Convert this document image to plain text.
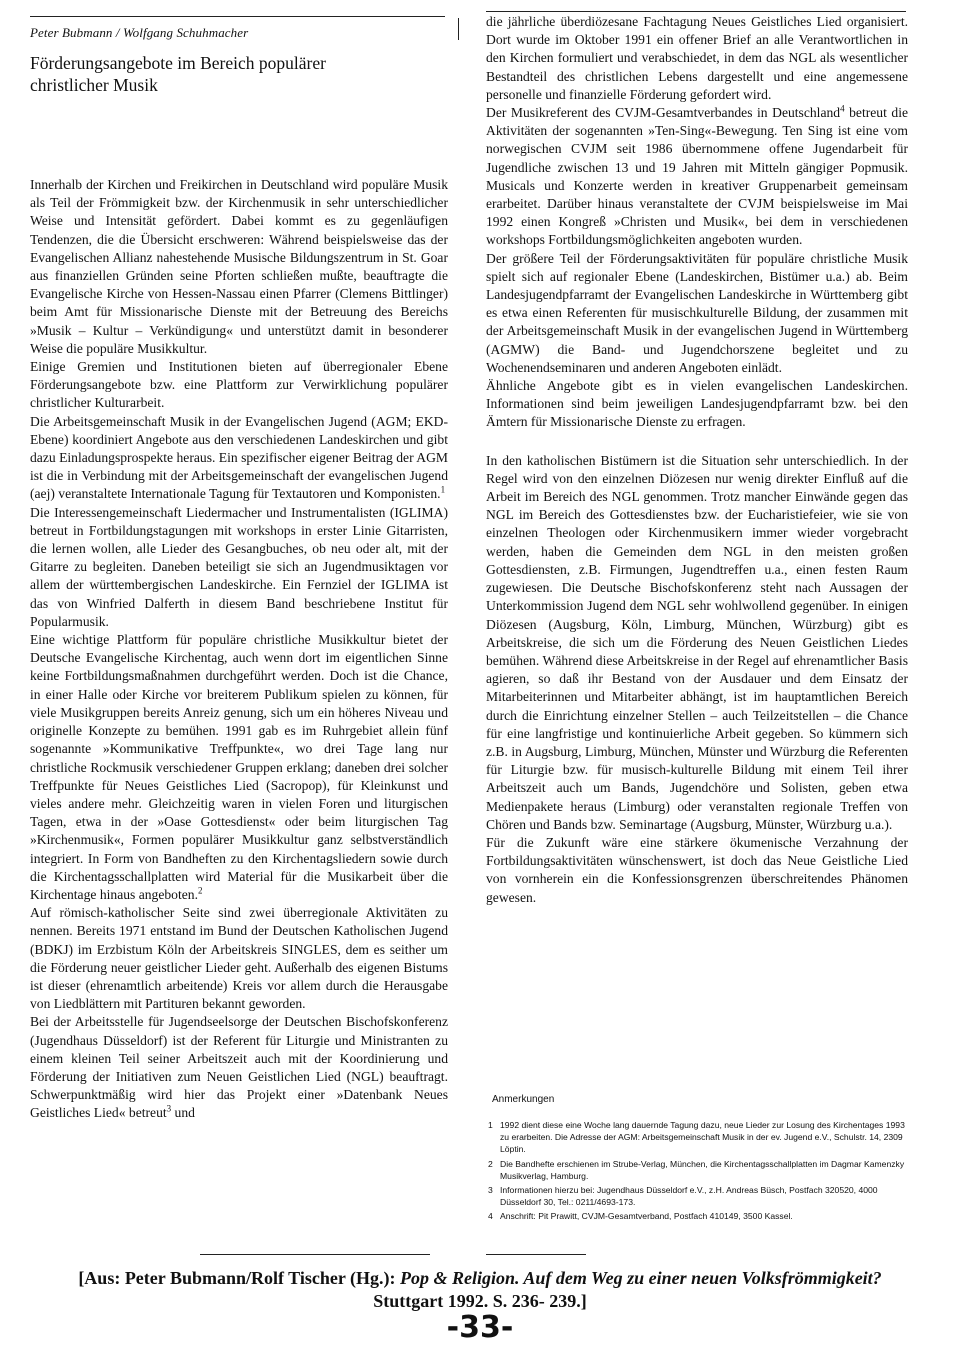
Peter Bubmann / Wolfgang Schuhmacher
Förderungsangebote im Bereich populärer
christlicher Musik

Innerhalb der Kirchen und Freikirchen in Deutschland wird populäre Musik als Teil der Frömmigkeit bzw. der Kirchenmusik in sehr unterschiedlicher Weise und Intensität gefördert. Dabei kommt es zu gegenläufigen Tendenzen, die die Übersicht erschweren: Während beispielsweise das der Evangelischen Allianz nahestehende Musische Bildungszentrum in St. Goar aus finanziellen Gründen seine Pforten schließen mußte, beauftragte die Evangelische Kirche von Hessen-Nassau einen Pfarrer (Clemens Bittlinger) beim Amt für Missionarische Dienste mit der Betreuung des Bereichs »Musik – Kultur – Verkündigung« und unterstützt damit in besonderer Weise die populäre Musikkultur.

Einige Gremien und Institutionen bieten auf überregionaler Ebene Förderungsangebote bzw. eine Plattform zur Verwirklichung populärer christlicher Kulturarbeit.

Die Arbeitsgemeinschaft Musik in der Evangelischen Jugend (AGM; EKD-Ebene) koordiniert Angebote aus den verschiedenen Landeskirchen und gibt dazu Einladungsprospekte heraus. Ein spezifischer eigener Beitrag der AGM ist die in Verbindung mit der Arbeitsgemeinschaft der evangelischen Jugend (aej) veranstaltete Internationale Tagung für Textautoren und Komponisten.$^1$

Die Interessengemeinschaft Liedermacher und Instrumentalisten (IGLIMA) betreut in Fortbildungstagungen mit workshops in erster Linie Gitarristen, die lernen wollen, alle Lieder des Gesangbuches, ob neu oder alt, mit der Gitarre zu begleiten. Daneben beteiligt sie sich an Jugendmusiktagen vor allem der württembergischen Landeskirche. Ein Fernziel der IGLIMA ist das von Winfried Dalferth in diesem Band beschriebene Institut für Popularmusik.

Eine wichtige Plattform für populäre christliche Musikkultur bietet der Deutsche Evangelische Kirchentag, auch wenn dort im eigentlichen Sinne keine Fortbildungsmaßnahmen durchgeführt werden. Doch ist die Chance, in einer Halle oder Kirche vor breiterem Publikum spielen zu können, für viele Musikgruppen bereits Anreiz genung, sich um ein höheres Niveau und originelle Konzepte zu bemühen. 1991 gab es im Ruhrgebiet allein fünf sogenannte »Kommunikative Treffpunkte«, wo drei Tage lang nur christliche Rockmusik verschiedener Gruppen erklang; daneben drei solcher Treffpunkte für Neues Geistliches Lied (Sacropop), für Kleinkunst und vieles andere mehr. Gleichzeitig waren in vielen Foren und liturgischen Tagen, etwa in der »Oase Gottesdienst« oder beim liturgischen Tag »Kirchenmusik«, Formen populärer Musikkultur ganz selbstverständlich integriert. In Form von Bandheften zu den Kirchentagsliedern sowie durch die Kirchentagsschallplatten wird Material für die Musikarbeit über die Kirchentage hinaus angeboten.$^2$

Auf römisch-katholischer Seite sind zwei überregionale Aktivitäten zu nennen. Bereits 1971 entstand im Bund der Deutschen Katholischen Jugend (BDKJ) im Erzbistum Köln der Arbeitskreis SINGLES, dem es seither um die Förderung neuer geistlicher Lieder geht. Außerhalb des eigenen Bistums ist dieser (ehrenamtlich arbeitende) Kreis vor allem durch die Herausgabe von Liedblättern mit Partituren bekannt geworden.

Bei der Arbeitsstelle für Jugendseelsorge der Deutschen Bischofskonferenz (Jugendhaus Düsseldorf) ist der Referent für Liturgie und Ministranten zu einem kleinen Teil seiner Arbeitszeit auch mit der Koordinierung und Förderung der Initiativen zum Neuen Geistlichen Lied (NGL) beauftragt. Schwerpunktmäßig wird hier das Projekt einer »Datenbank Neues Geistliches Lied« betreut$^3$ und

die jährliche überdiözesane Fachtagung Neues Geistliches Lied organisiert. Dort wurde im Oktober 1991 ein offener Brief an alle Verantwortlichen in den Kirchen formuliert und verabschiedet, in dem das NGL als wesentlicher Bestandteil des christlichen Lebens dargestellt und eine angemessene personelle und finanzielle Förderung gefordert wird.

Der Musikreferent des CVJM-Gesamtverbandes in Deutschland$^4$ betreut die Aktivitäten der sogenannten »Ten-Sing«-Bewegung. Ten Sing ist eine vom norwegischen CVJM seit 1986 übernommene offene Jugendarbeit für Jugendliche zwischen 13 und 19 Jahren mit Mitteln gängiger Popmusik. Musicals und Konzerte werden in kreativer Gruppenarbeit gemeinsam erarbeitet. Darüber hinaus veranstaltete der CVJM beispielsweise im Mai 1992 einen Kongreß »Christen und Musik«, bei dem in verschiedenen workshops Fortbildungsmöglichkeiten angeboten wurden.

Der größere Teil der Förderungsaktivitäten für populäre christliche Musik spielt sich auf regionaler Ebene (Landeskirchen, Bistümer u.a.) ab. Beim Landesjugendpfarramt der Evangelischen Landeskirche in Württemberg gibt es etwa einen Referenten für musischkulturelle Bildung, der zusammen mit der Arbeitsgemeinschaft Musik in der evangelischen Jugend in Württemberg (AGMW) die Band- und Jugendchorszene begleitet und zu Wochenendseminaren und anderen Angeboten einlädt.

Ähnliche Angebote gibt es in vielen evangelischen Landeskirchen. Informationen sind beim jeweiligen Landesjugendpfarramt bzw. bei den Ämtern für Missionarische Dienste zu erfragen.

In den katholischen Bistümern ist die Situation sehr unterschiedlich. In der Regel wird von den einzelnen Diözesen nur wenig direkter Einfluß auf die Arbeit im Bereich des NGL genommen. Trotz mancher Einwände gegen das NGL im Bereich des Gottesdienstes bzw. der Eucharistiefeier, wie sie von einzelnen Theologen oder Kirchenmusikern immer wieder vorgebracht werden, haben die Gemeinden dem NGL in den meisten großen Gottesdiensten, z.B. Firmungen, Jugendtreffen u.a., einen festen Raum zugewiesen. Die Deutsche Bischofskonferenz steht nach Aussagen der Unterkommission Jugend dem NGL sehr wohlwollend gegenüber. In einigen Diözesen (Augsburg, Köln, Limburg, München, Würzburg) gibt es Arbeitskreise, die sich um die Förderung des Neuen Geistlichen Liedes bemühen. Während diese Arbeitskreise in der Regel auf ehrenamtlicher Basis agieren, so daß ihr Bestand von der Ausdauer und dem Einsatz der Mitarbeiterinnen und Mitarbeiter abhängt, ist im hauptamtlichen Bereich durch die Einrichtung einzelner Stellen – auch Teilzeitstellen – die Chance für eine langfristige und kontinuierliche Arbeit gegeben. So kümmern sich z.B. in Augsburg, Limburg, München, Münster und Würzburg die Referenten für Liturgie bzw. für musisch-kulturelle Bildung mit einem Teil ihrer Arbeitszeit auch um Bands, Jugendchöre und Solisten, geben etwa Medienpakete heraus (Limburg) oder veranstalten regionale Treffen von Chören und Bands bzw. Seminartage (Augsburg, Münster, Würzburg u.a.).

Für die Zukunft wäre eine stärkere ökumenische Verzahnung der Fortbildungsaktivitäten wünschenswert, ist doch das Neue Geistliche Lied von vornherein ein die Konfessionsgrenzen überschreitendes Phänomen gewesen.

Anmerkungen
1 1992 dient diese eine Woche lang dauernde Tagung dazu, neue Lieder zur Losung des Kirchentages 1993 zu erarbeiten. Die Adresse der AGM: Arbeitsgemeinschaft Musik in der ev. Jugend e.V., Schulstr. 14, 2309 Löptin.
2 Die Bandhefte erschienen im Strube-Verlag, München, die Kirchentagsschallplatten im Dagmar Kamenzky Musikverlag, Hamburg.
3 Informationen hierzu bei: Jugendhaus Düsseldorf e.V., z.H. Andreas Büsch, Postfach 320520, 4000 Düsseldorf 30, Tel.: 0211/4693-173.
4 Anschrift: Pit Prawitt, CVJM-Gesamtverband, Postfach 410149, 3500 Kassel.
[Aus: Peter Bubmann/Rolf Tischer (Hg.): Pop & Religion. Auf dem Weg zu einer neuen Volksfrömmigkeit? Stuttgart 1992. S. 236- 239.]
-33-
